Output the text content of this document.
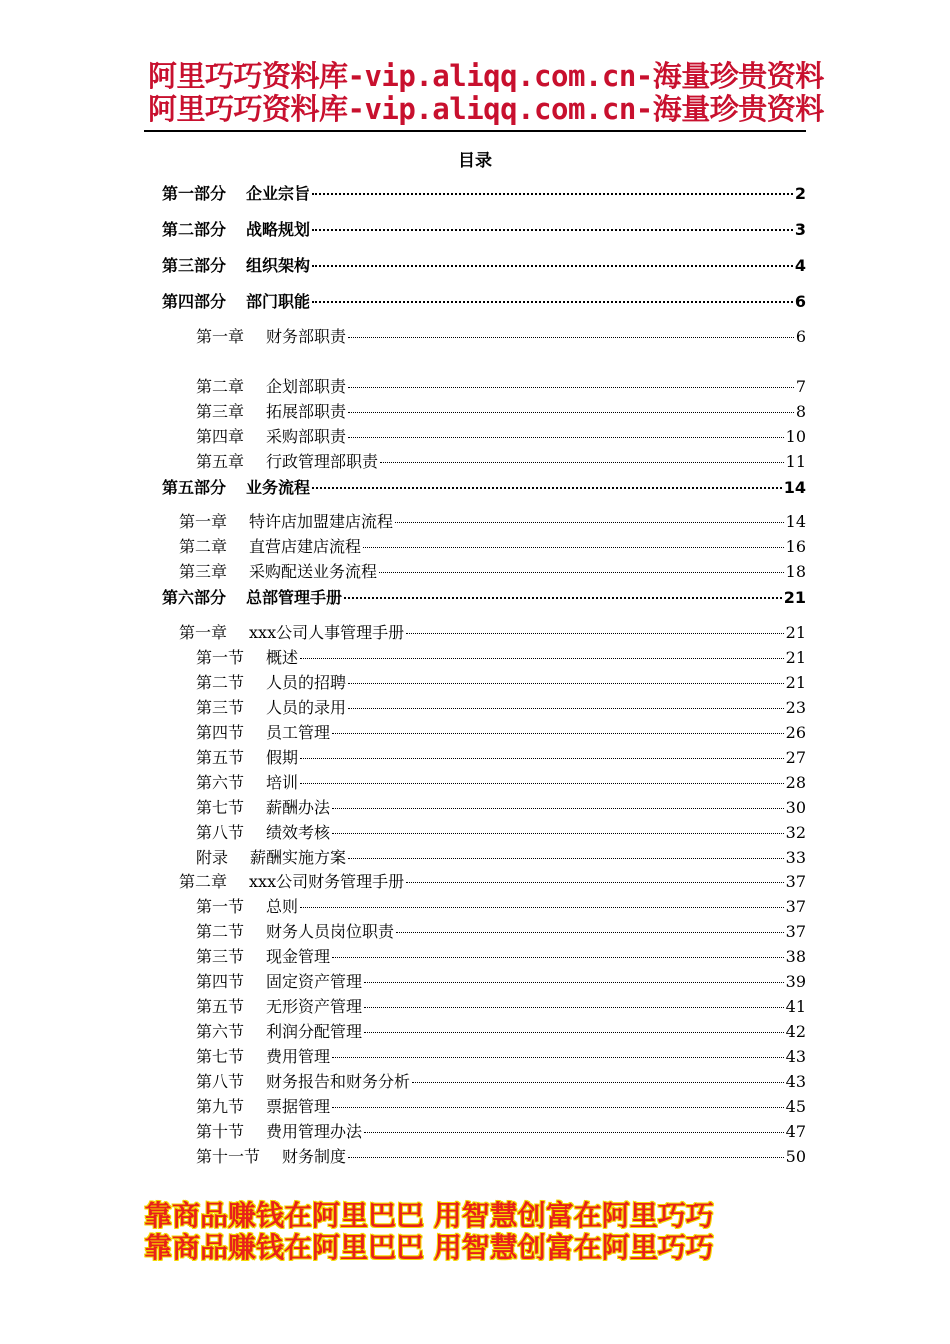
阿里巧巧资料库-vip.aliqq.com.cn-海量珍贵资料
阿里巧巧资料库-vip.aliqq.com.cn-海量珍贵资料
目录
第一部分 企业宗旨	2
第二部分 战略规划	3
第三部分 组织架构	4
第四部分 部门职能	6
第一章 财务部职责	6
第二章 企划部职责	7
第三章 拓展部职责	8
第四章 采购部职责	10
第五章 行政管理部职责	11
第五部分 业务流程	14
第一章 特许店加盟建店流程	14
第二章 直营店建店流程	16
第三章 采购配送业务流程	18
第六部分 总部管理手册	21
第一章 xxx公司人事管理手册	21
第一节 概述	21
第二节 人员的招聘	21
第三节 人员的录用	23
第四节 员工管理	26
第五节 假期	27
第六节 培训	28
第七节 薪酬办法	30
第八节 绩效考核	32
附录 薪酬实施方案	33
第二章 xxx公司财务管理手册	37
第一节 总则	37
第二节 财务人员岗位职责	37
第三节 现金管理	38
第四节 固定资产管理	39
第五节 无形资产管理	41
第六节 利润分配管理	42
第七节 费用管理	43
第八节 财务报告和财务分析	43
第九节 票据管理	45
第十节 费用管理办法	47
第十一节 财务制度	50
靠商品赚钱在阿里巴巴 用智慧创富在阿里巧巧
靠商品赚钱在阿里巴巴 用智慧创富在阿里巧巧
